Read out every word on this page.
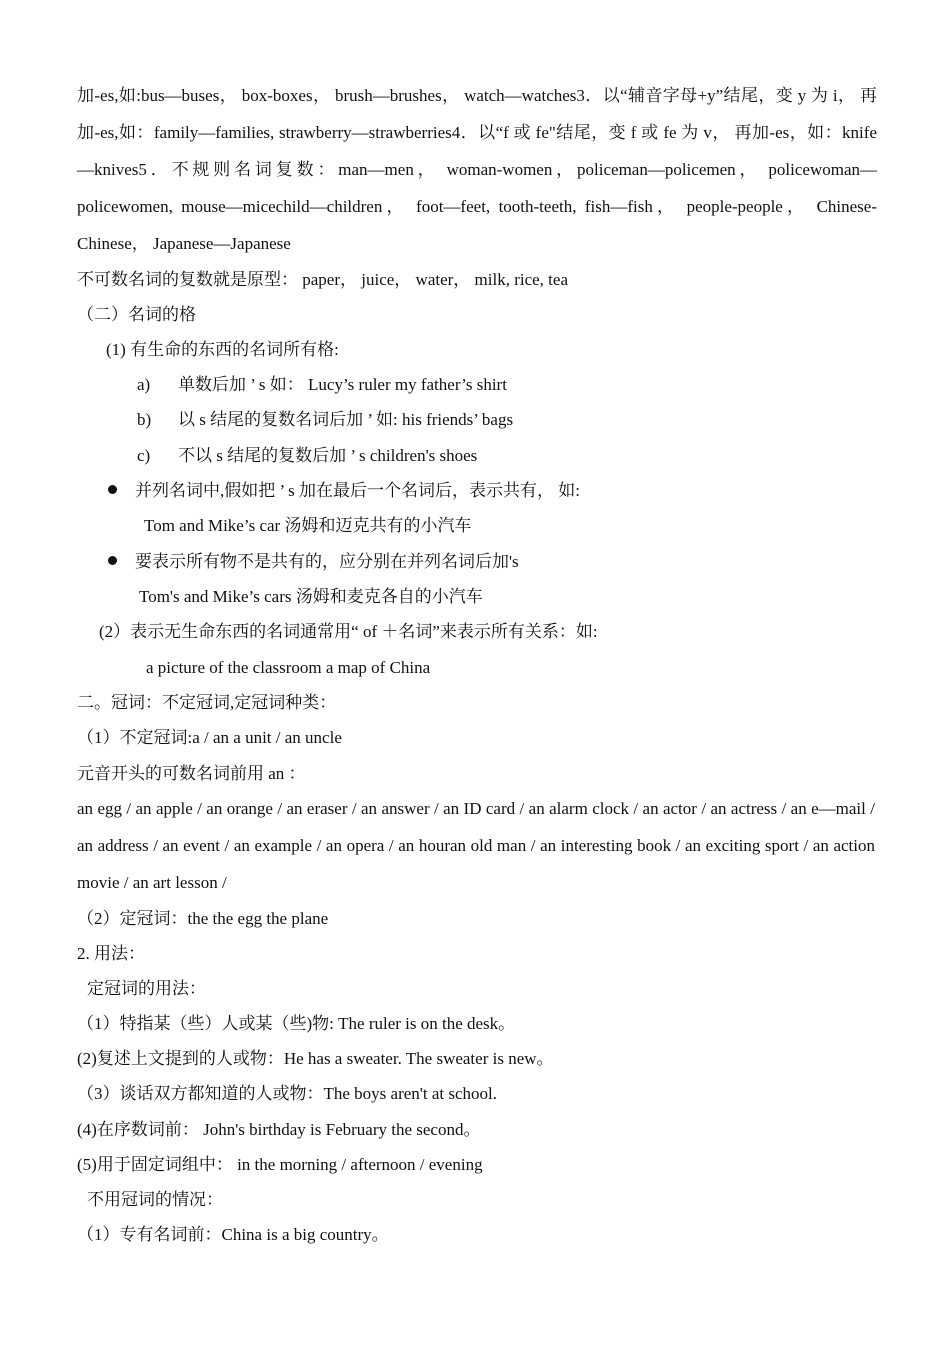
加-es,如:bus—buses， box-boxes， brush—brushes， watch—watches3．以“辅音字母+y”结尾，变 y 为 i， 再加-es,如：family—families, strawberry—strawberries4．以“f 或 fe"结尾，变 f 或 fe 为 v， 再加-es，如：knife—knives5．不规则名词复数：man—men， woman-women，policeman—policemen， policewoman—policewomen, mouse—micechild—children， foot—feet, tooth-teeth, fish—fish， people-people， Chinese-Chinese， Japanese—Japanese

不可数名词的复数就是原型： paper， juice， water， milk, rice, tea

（二）名词的格

(1) 有生命的东西的名词所有格:

a) 单数后加 ’ s 如： Lucy’s ruler my father’s shirt
b) 以 s 结尾的复数名词后加 ’ 如: his friends’ bags
c) 不以 s 结尾的复数后加 ’ s children's shoes
并列名词中,假如把 ’ s 加在最后一个名词后，表示共有， 如:
Tom and Mike’s car 汤姆和迈克共有的小汽车
要表示所有物不是共有的，应分别在并列名词后加's
Tom's and Mike’s cars 汤姆和麦克各自的小汽车

(2）表示无生命东西的名词通常用“ of ＋名词”来表示所有关系：如:

a picture of the classroom a map of China

二。冠词：不定冠词,定冠词种类：

（1）不定冠词:a / an a unit / an uncle

元音开头的可数名词前用 an ：

an egg / an apple / an orange / an eraser / an answer / an ID card / an alarm clock / an actor / an actress / an e—mail / an address / an event / an example / an opera / an houran old man / an interesting book / an exciting sport / an action movie / an art lesson /

（2）定冠词：the the egg the plane

2. 用法：

定冠词的用法：

（1）特指某（些）人或某（些)物: The ruler is on the desk。

(2)复述上文提到的人或物：He has a sweater. The sweater is new。

（3）谈话双方都知道的人或物：The boys aren't at school.

(4)在序数词前： John's birthday is February the second。

(5)用于固定词组中： in the morning / afternoon / evening

不用冠词的情况：

（1）专有名词前：China is a big country。
